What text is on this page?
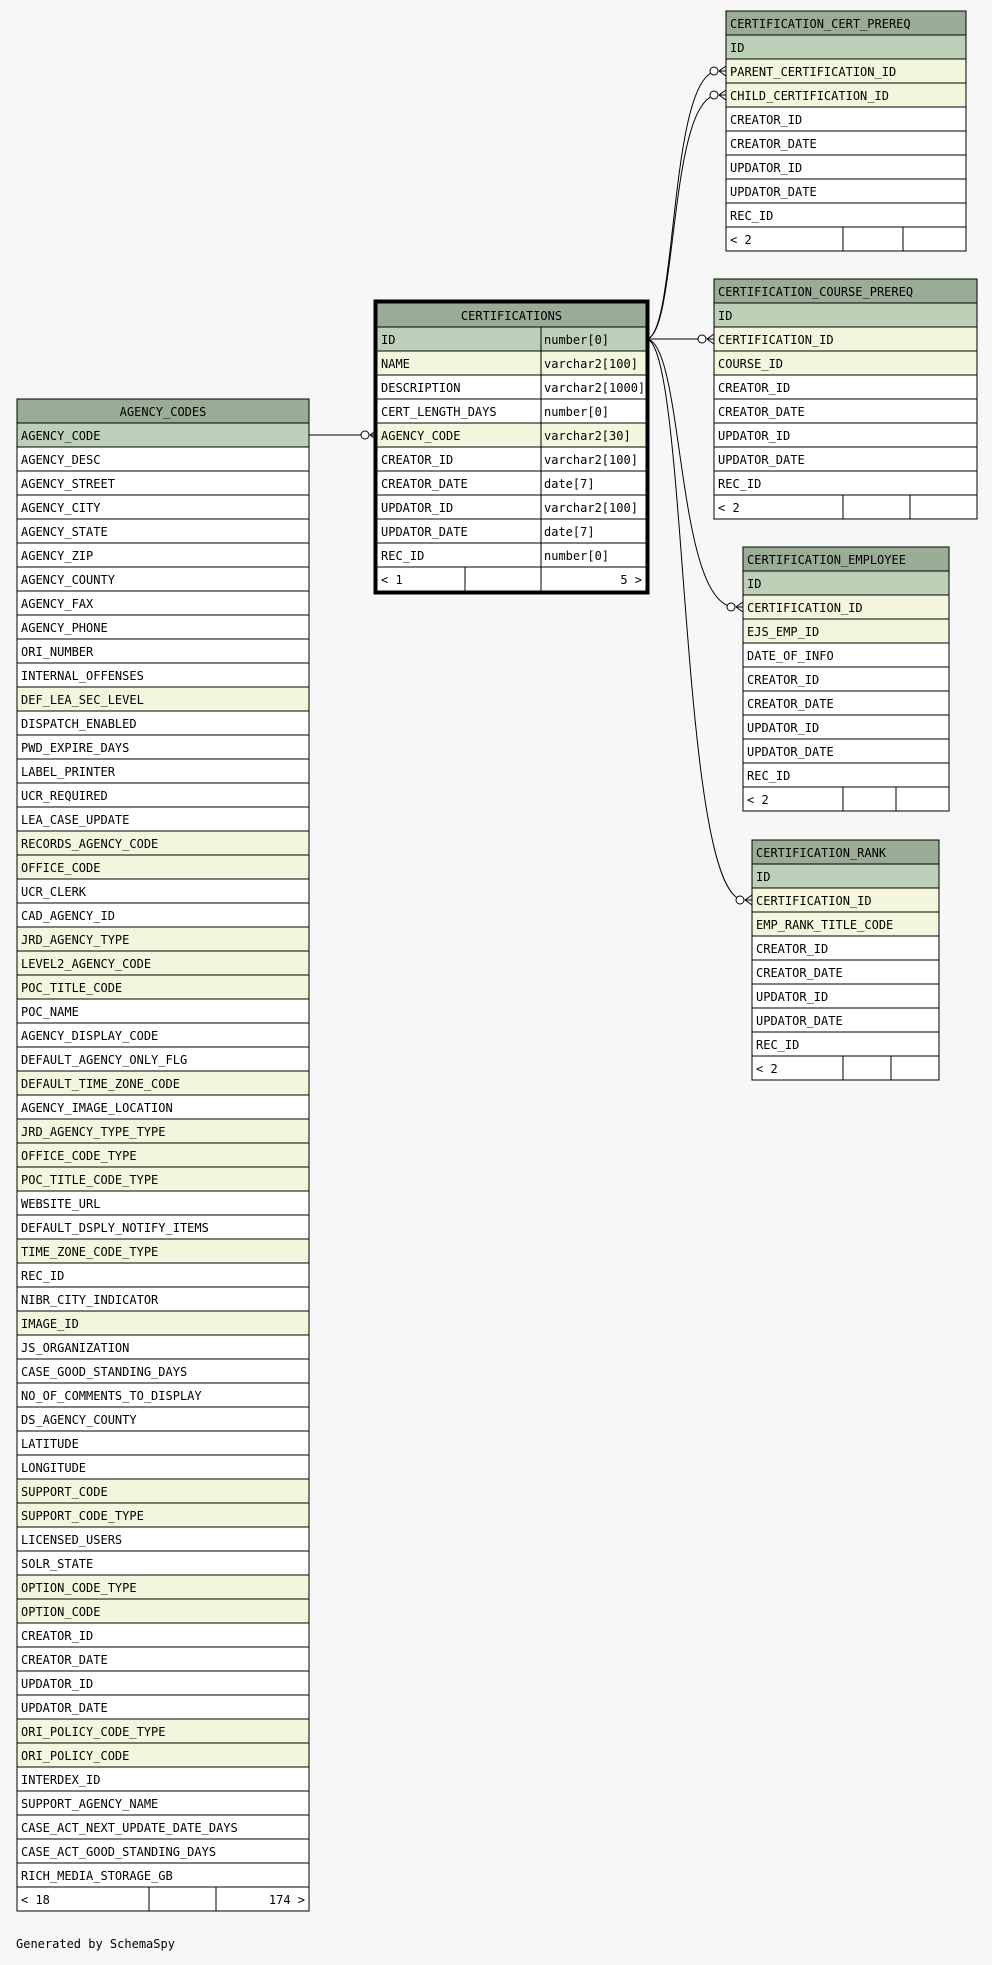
CERTIFICATIONS
ID	number[0]
NAME	varchar2[100]
DESCRIPTION	varchar2[1000]
CERT_LENGTH_DAYS	number[0]
AGENCY_CODE	varchar2[30]
CREATOR_ID	varchar2[100]
CREATOR_DATE	date[7]
UPDATOR_ID	varchar2[100]
UPDATOR_DATE	date[7]
REC_ID	number[0]
< 1	5 >
AGENCY_CODES
AGENCY_CODE
AGENCY_DESC
AGENCY_STREET
AGENCY_CITY
AGENCY_STATE
AGENCY_ZIP
AGENCY_COUNTY
AGENCY_FAX
AGENCY_PHONE
ORI_NUMBER
INTERNAL_OFFENSES
DEF_LEA_SEC_LEVEL
DISPATCH_ENABLED
PWD_EXPIRE_DAYS
LABEL_PRINTER
UCR_REQUIRED
LEA_CASE_UPDATE
RECORDS_AGENCY_CODE
OFFICE_CODE
UCR_CLERK
CAD_AGENCY_ID
JRD_AGENCY_TYPE
LEVEL2_AGENCY_CODE
POC_TITLE_CODE
POC_NAME
AGENCY_DISPLAY_CODE
DEFAULT_AGENCY_ONLY_FLG
DEFAULT_TIME_ZONE_CODE
AGENCY_IMAGE_LOCATION
JRD_AGENCY_TYPE_TYPE
OFFICE_CODE_TYPE
POC_TITLE_CODE_TYPE
WEBSITE_URL
DEFAULT_DSPLY_NOTIFY_ITEMS
TIME_ZONE_CODE_TYPE
REC_ID
NIBR_CITY_INDICATOR
IMAGE_ID
JS_ORGANIZATION
CASE_GOOD_STANDING_DAYS
NO_OF_COMMENTS_TO_DISPLAY
DS_AGENCY_COUNTY
LATITUDE
LONGITUDE
SUPPORT_CODE
SUPPORT_CODE_TYPE
LICENSED_USERS
SOLR_STATE
OPTION_CODE_TYPE
OPTION_CODE
CREATOR_ID
CREATOR_DATE
UPDATOR_ID
UPDATOR_DATE
ORI_POLICY_CODE_TYPE
ORI_POLICY_CODE
INTERDEX_ID
SUPPORT_AGENCY_NAME
CASE_ACT_NEXT_UPDATE_DATE_DAYS
CASE_ACT_GOOD_STANDING_DAYS
RICH_MEDIA_STORAGE_GB
< 18	174 >
CERTIFICATION_CERT_PREREQ
ID
PARENT_CERTIFICATION_ID
CHILD_CERTIFICATION_ID
CREATOR_ID
CREATOR_DATE
UPDATOR_ID
UPDATOR_DATE
REC_ID
< 2
CERTIFICATION_COURSE_PREREQ
ID
CERTIFICATION_ID
COURSE_ID
CREATOR_ID
CREATOR_DATE
UPDATOR_ID
UPDATOR_DATE
REC_ID
< 2
CERTIFICATION_EMPLOYEE
ID
CERTIFICATION_ID
EJS_EMP_ID
DATE_OF_INFO
CREATOR_ID
CREATOR_DATE
UPDATOR_ID
UPDATOR_DATE
REC_ID
< 2
CERTIFICATION_RANK
ID
CERTIFICATION_ID
EMP_RANK_TITLE_CODE
CREATOR_ID
CREATOR_DATE
UPDATOR_ID
UPDATOR_DATE
REC_ID
< 2
Generated by SchemaSpy
